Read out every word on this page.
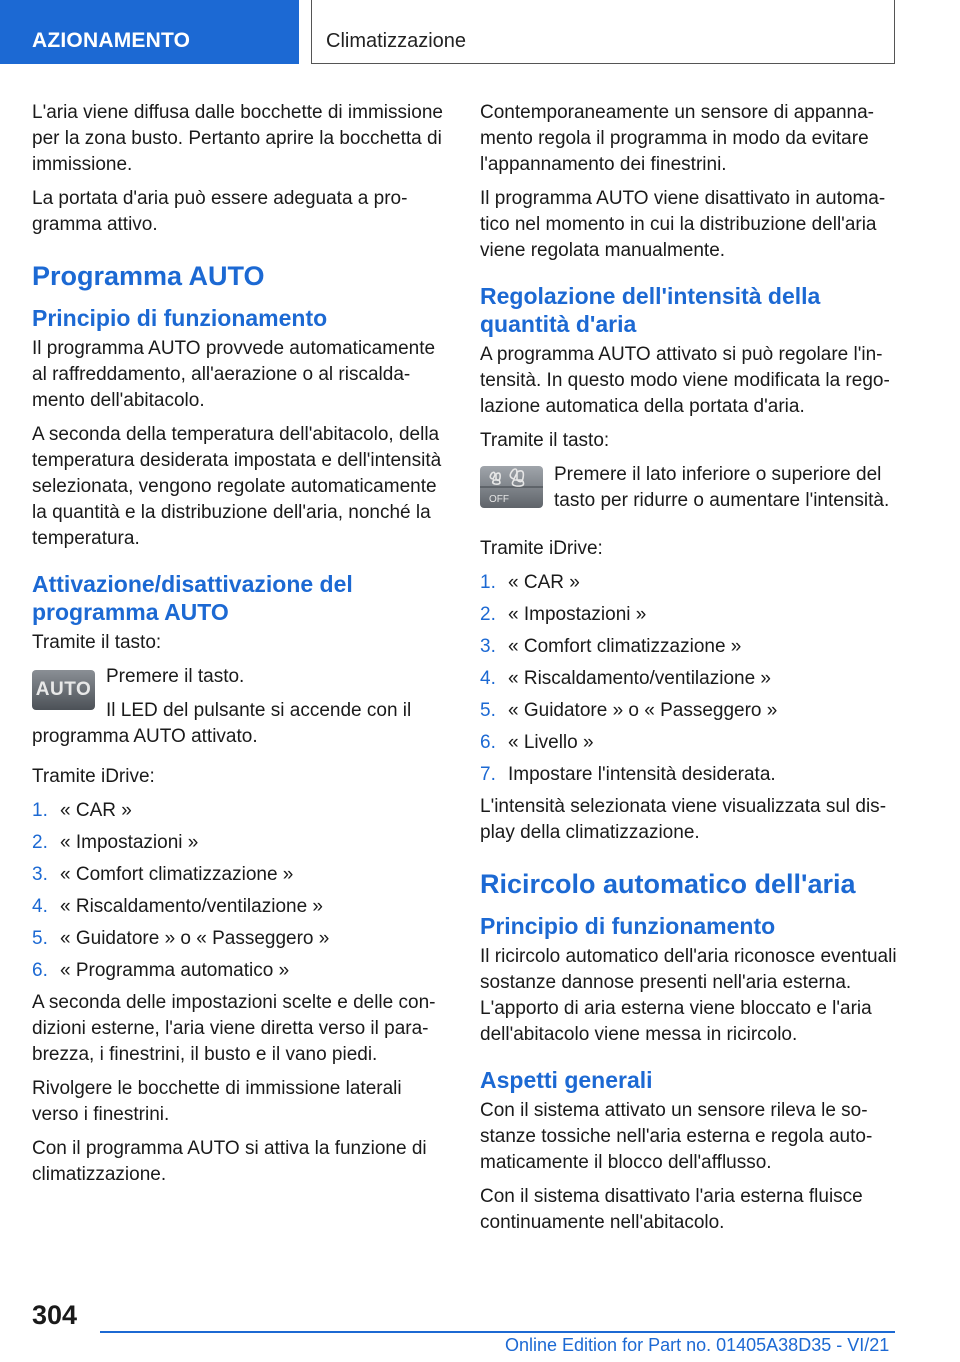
AZIONAMENTO	Climatizzazione

L'aria viene diffusa dalle bocchette di immissione per la zona busto. Pertanto aprire la bocchetta di immissione.

La portata d'aria può essere adeguata a programma attivo.

Programma AUTO
Principio di funzionamento

Il programma AUTO provvede automaticamente al raffreddamento, all'aerazione o al riscaldamento dell'abitacolo.

A seconda della temperatura dell'abitacolo, della temperatura desiderata impostata e dell'intensità selezionata, vengono regolate automaticamente la quantità e la distribuzione dell'aria, nonché la temperatura.

Attivazione/disattivazione del programma AUTO

Tramite il tasto:

AUTO

Premere il tasto.

Il LED del pulsante si accende con il programma AUTO attivato.

Tramite iDrive:

1. « CAR »
2. « Impostazioni »
3. « Comfort climatizzazione »
4. « Riscaldamento/ventilazione »
5. « Guidatore » o « Passeggero »
6. « Programma automatico »

A seconda delle impostazioni scelte e delle condizioni esterne, l'aria viene diretta verso il parabrezza, i finestrini, il busto e il vano piedi.

Rivolgere le bocchette di immissione laterali verso i finestrini.

Con il programma AUTO si attiva la funzione di climatizzazione.

Contemporaneamente un sensore di appannamento regola il programma in modo da evitare l'appannamento dei finestrini.

Il programma AUTO viene disattivato in automatico nel momento in cui la distribuzione dell'aria viene regolata manualmente.

Regolazione dell'intensità della quantità d'aria

A programma AUTO attivato si può regolare l'intensità. In questo modo viene modificata la regolazione automatica della portata d'aria.

Tramite il tasto:

OFF

Premere il lato inferiore o superiore del tasto per ridurre o aumentare l'intensità.

Tramite iDrive:

1. « CAR »
2. « Impostazioni »
3. « Comfort climatizzazione »
4. « Riscaldamento/ventilazione »
5. « Guidatore » o « Passeggero »
6. « Livello »
7. Impostare l'intensità desiderata.

L'intensità selezionata viene visualizzata sul display della climatizzazione.

Ricircolo automatico dell'aria
Principio di funzionamento

Il ricircolo automatico dell'aria riconosce eventuali sostanze dannose presenti nell'aria esterna. L'apporto di aria esterna viene bloccato e l'aria dell'abitacolo viene messa in ricircolo.

Aspetti generali

Con il sistema attivato un sensore rileva le sostanze tossiche nell'aria esterna e regola automaticamente il blocco dell'afflusso.

Con il sistema disattivato l'aria esterna fluisce continuamente nell'abitacolo.

304
Online Edition for Part no. 01405A38D35 - VI/21
